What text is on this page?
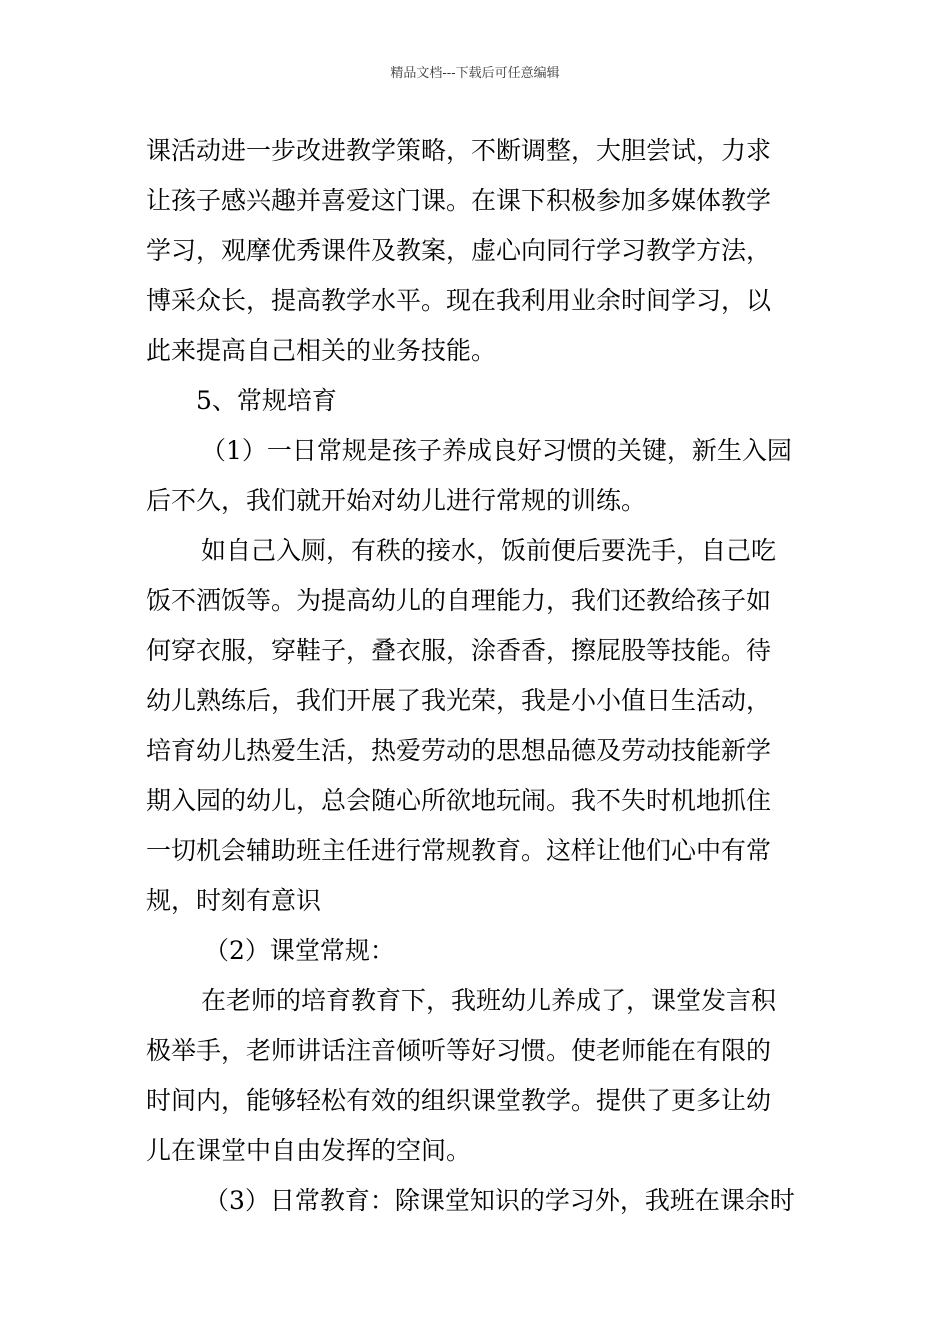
精品文档---下载后可任意编辑

课活动进一步改进教学策略，不断调整，大胆尝试，力求

让孩子感兴趣并喜爱这门课。在课下积极参加多媒体教学

学习，观摩优秀课件及教案，虚心向同行学习教学方法，

博采众长，提高教学水平。现在我利用业余时间学习，以

此来提高自己相关的业务技能。

5、常规培育

（1）一日常规是孩子养成良好习惯的关键，新生入园

后不久，我们就开始对幼儿进行常规的训练。

如自己入厕，有秩的接水，饭前便后要洗手，自己吃

饭不洒饭等。为提高幼儿的自理能力，我们还教给孩子如

何穿衣服，穿鞋子，叠衣服，涂香香，擦屁股等技能。待

幼儿熟练后，我们开展了我光荣，我是小小值日生活动，

培育幼儿热爱生活，热爱劳动的思想品德及劳动技能新学

期入园的幼儿，总会随心所欲地玩闹。我不失时机地抓住

一切机会辅助班主任进行常规教育。这样让他们心中有常

规，时刻有意识

（2）课堂常规：

在老师的培育教育下，我班幼儿养成了，课堂发言积

极举手，老师讲话注音倾听等好习惯。使老师能在有限的

时间内，能够轻松有效的组织课堂教学。提供了更多让幼

儿在课堂中自由发挥的空间。

（3）日常教育：除课堂知识的学习外，我班在课余时
